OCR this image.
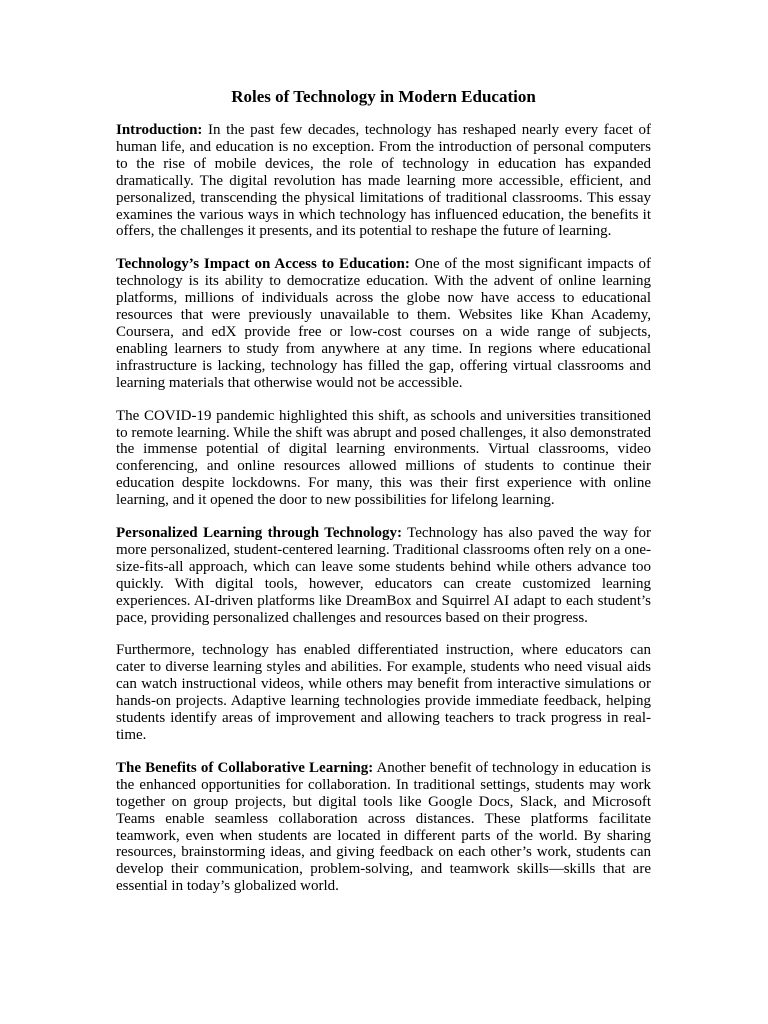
Roles of Technology in Modern Education

Introduction: In the past few decades, technology has reshaped nearly every facet of human life, and education is no exception. From the introduction of personal computers to the rise of mobile devices, the role of technology in education has expanded dramatically. The digital revolution has made learning more accessible, efficient, and personalized, transcending the physical limitations of traditional classrooms. This essay examines the various ways in which technology has influenced education, the benefits it offers, the challenges it presents, and its potential to reshape the future of learning.

Technology’s Impact on Access to Education: One of the most significant impacts of technology is its ability to democratize education. With the advent of online learning platforms, millions of individuals across the globe now have access to educational resources that were previously unavailable to them. Websites like Khan Academy, Coursera, and edX provide free or low-cost courses on a wide range of subjects, enabling learners to study from anywhere at any time. In regions where educational infrastructure is lacking, technology has filled the gap, offering virtual classrooms and learning materials that otherwise would not be accessible.

The COVID-19 pandemic highlighted this shift, as schools and universities transitioned to remote learning. While the shift was abrupt and posed challenges, it also demonstrated the immense potential of digital learning environments. Virtual classrooms, video conferencing, and online resources allowed millions of students to continue their education despite lockdowns. For many, this was their first experience with online learning, and it opened the door to new possibilities for lifelong learning.

Personalized Learning through Technology: Technology has also paved the way for more personalized, student-centered learning. Traditional classrooms often rely on a one-size-fits-all approach, which can leave some students behind while others advance too quickly. With digital tools, however, educators can create customized learning experiences. AI-driven platforms like DreamBox and Squirrel AI adapt to each student’s pace, providing personalized challenges and resources based on their progress.

Furthermore, technology has enabled differentiated instruction, where educators can cater to diverse learning styles and abilities. For example, students who need visual aids can watch instructional videos, while others may benefit from interactive simulations or hands-on projects. Adaptive learning technologies provide immediate feedback, helping students identify areas of improvement and allowing teachers to track progress in real-time.

The Benefits of Collaborative Learning: Another benefit of technology in education is the enhanced opportunities for collaboration. In traditional settings, students may work together on group projects, but digital tools like Google Docs, Slack, and Microsoft Teams enable seamless collaboration across distances. These platforms facilitate teamwork, even when students are located in different parts of the world. By sharing resources, brainstorming ideas, and giving feedback on each other’s work, students can develop their communication, problem-solving, and teamwork skills—skills that are essential in today’s globalized world.
